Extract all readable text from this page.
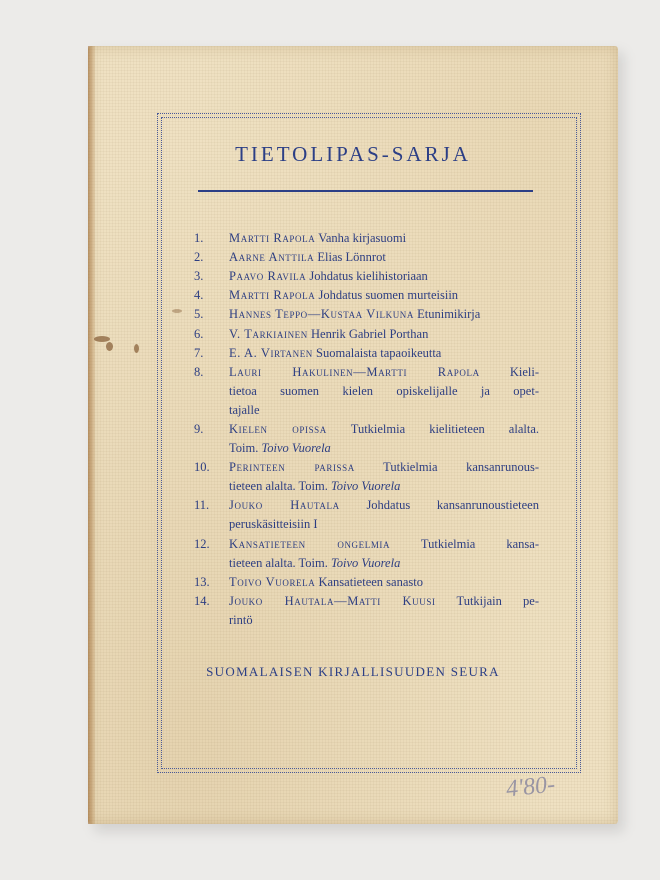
TIETOLIPAS-SARJA
1.	Martti Rapola Vanha kirjasuomi
2.	Aarne Anttila Elias Lönnrot
3.	Paavo Ravila Johdatus kielihistoriaan
4.	Martti Rapola Johdatus suomen murteisiin
5.	Hannes Teppo—Kustaa Vilkuna Etunimikirja
6.	V. Tarkiainen Henrik Gabriel Porthan
7.	E. A. Virtanen Suomalaista tapaoikeutta
8.	Lauri Hakulinen—Martti Rapola Kieli-
tietoa suomen kielen opiskelijalle ja opet-
tajalle
9.	Kielen opissa Tutkielmia kielitieteen alalta.
Toim. Toivo Vuorela
10.	Perinteen parissa Tutkielmia kansanrunous-
tieteen alalta. Toim. Toivo Vuorela
11.	Jouko Hautala Johdatus kansanrunoustieteen
peruskäsitteisiin I
12.	Kansatieteen ongelmia Tutkielmia kansa-
tieteen alalta. Toim. Toivo Vuorela
13.	Toivo Vuorela Kansatieteen sanasto
14.	Jouko Hautala—Matti Kuusi Tutkijain pe-
rintö
SUOMALAISEN KIRJALLISUUDEN SEURA
4'80-
